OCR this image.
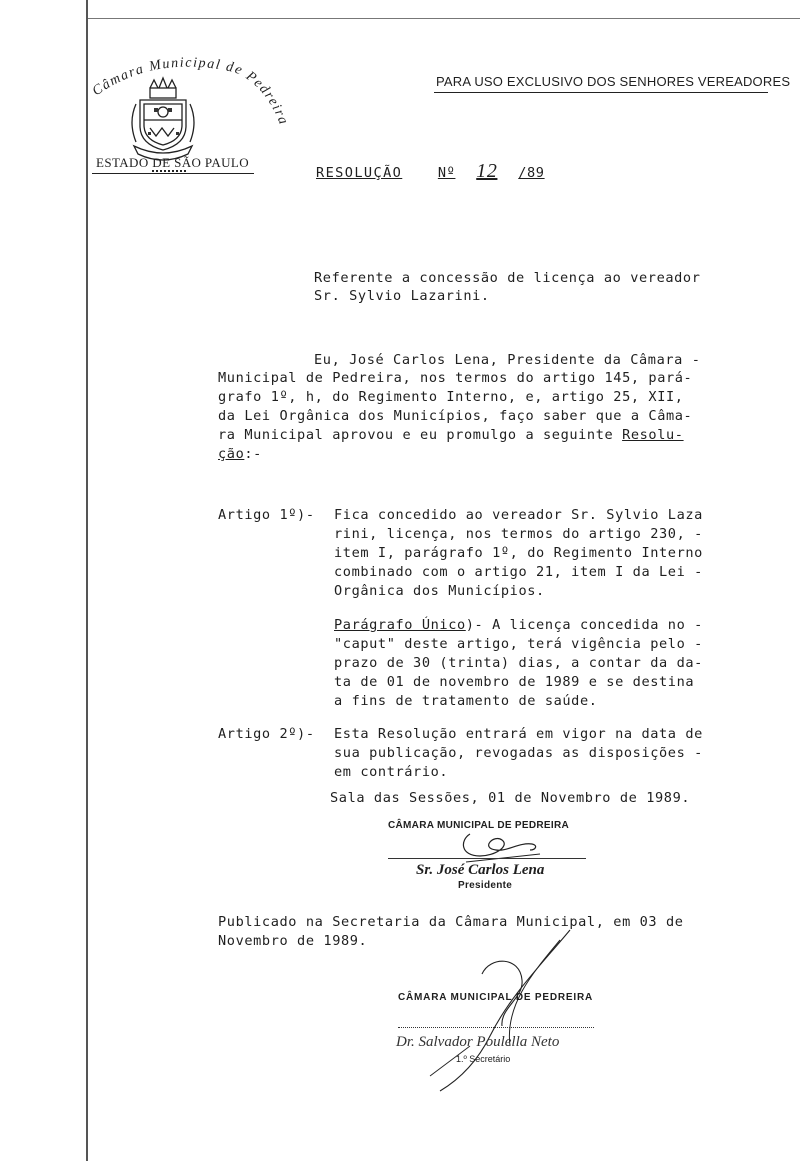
Câmara Municipal de Pedreira
ESTADO DE SÃO PAULO
PARA USO EXCLUSIVO DOS SENHORES VEREADORES
RESOLUÇÃO	Nº 12 /89
Referente a concessão de licença ao vereador
Sr. Sylvio Lazarini.
Eu, José Carlos Lena, Presidente da Câmara -
Municipal de Pedreira, nos termos do artigo 145, pará-
grafo 1º, h, do Regimento Interno, e, artigo 25, XII,
da Lei Orgânica dos Municípios, faço saber que a Câma-
ra Municipal aprovou e eu promulgo a seguinte Resolu-
ção:-
Artigo 1º)- Fica concedido ao vereador Sr. Sylvio Laza
rini, licença, nos termos do artigo 230, -
item I, parágrafo 1º, do Regimento Interno
combinado com o artigo 21, item I da Lei -
Orgânica dos Municípios.
Parágrafo Único)- A licença concedida no -
"caput" deste artigo, terá vigência pelo -
prazo de 30 (trinta) dias, a contar da da-
ta de 01 de novembro de 1989 e se destina
a fins de tratamento de saúde.
Artigo 2º)- Esta Resolução entrará em vigor na data de
sua publicação, revogadas as disposições -
em contrário.
Sala das Sessões, 01 de Novembro de 1989.
CÂMARA MUNICIPAL DE PEDREIRA
Sr. José Carlos Lena
Presidente
Publicado na Secretaria da Câmara Municipal, em 03 de
Novembro de 1989.
CÂMARA MUNICIPAL DE PEDREIRA
Dr. Salvador Poulella Neto
1.º Secretário
